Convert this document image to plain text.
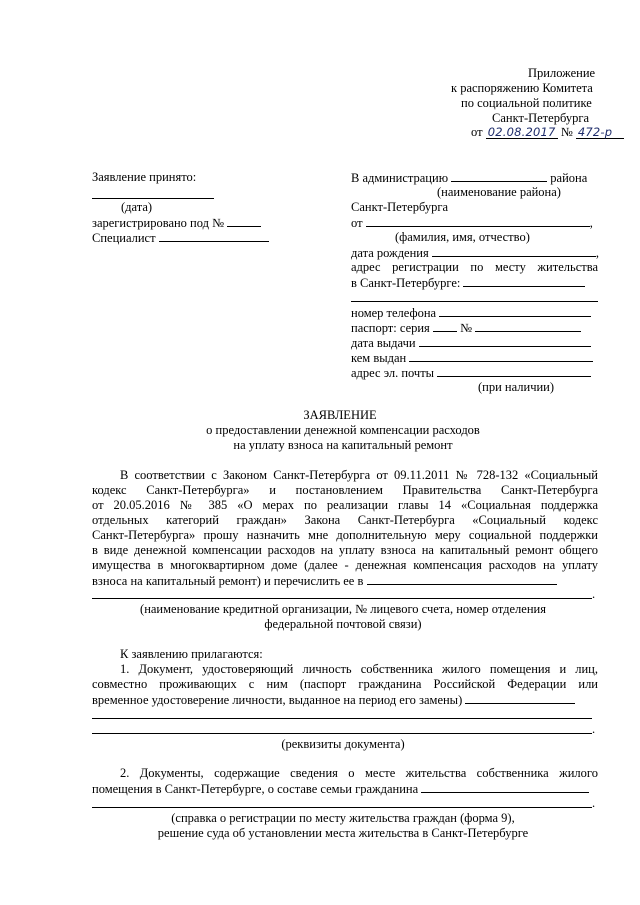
Приложение
к распоряжению Комитета
по социальной политике
Санкт-Петербурга
от 02.08.2017 № 472-р
Заявление принято:
(дата)
зарегистрировано под №
Специалист
В администрацию	района
(наименование района)
Санкт-Петербурга
от	,
(фамилия, имя, отчество)
дата рождения	,
адрес регистрации по месту жительства
в Санкт-Петербурге:
номер телефона
паспорт: серия №
дата выдачи
кем выдан
адрес эл. почты
(при наличии)
ЗАЯВЛЕНИЕ
о предоставлении денежной компенсации расходов
на уплату взноса на капитальный ремонт
В соответствии с Законом Санкт-Петербурга от 09.11.2011 № 728-132 «Социальный
кодекс Санкт-Петербурга» и постановлением Правительства Санкт-Петербурга
от 20.05.2016 № 385 «О мерах по реализации главы 14 «Социальная поддержка
отдельных категорий граждан» Закона Санкт-Петербурга «Социальный кодекс
Санкт-Петербурга» прошу назначить мне дополнительную меру социальной поддержки
в виде денежной компенсации расходов на уплату взноса на капитальный ремонт общего
имущества в многоквартирном доме (далее - денежная компенсация расходов на уплату
взноса на капитальный ремонт) и перечислить ее в
.
(наименование кредитной организации, № лицевого счета, номер отделения
федеральной почтовой связи)
К заявлению прилагаются:
1. Документ, удостоверяющий личность собственника жилого помещения и лиц,
совместно проживающих с ним (паспорт гражданина Российской Федерации или
временное удостоверение личности, выданное на период его замены)
.
(реквизиты документа)
2. Документы, содержащие сведения о месте жительства собственника жилого
помещения в Санкт-Петербурге, о составе семьи гражданина
.
(справка о регистрации по месту жительства граждан (форма 9),
решение суда об установлении места жительства в Санкт-Петербурге
